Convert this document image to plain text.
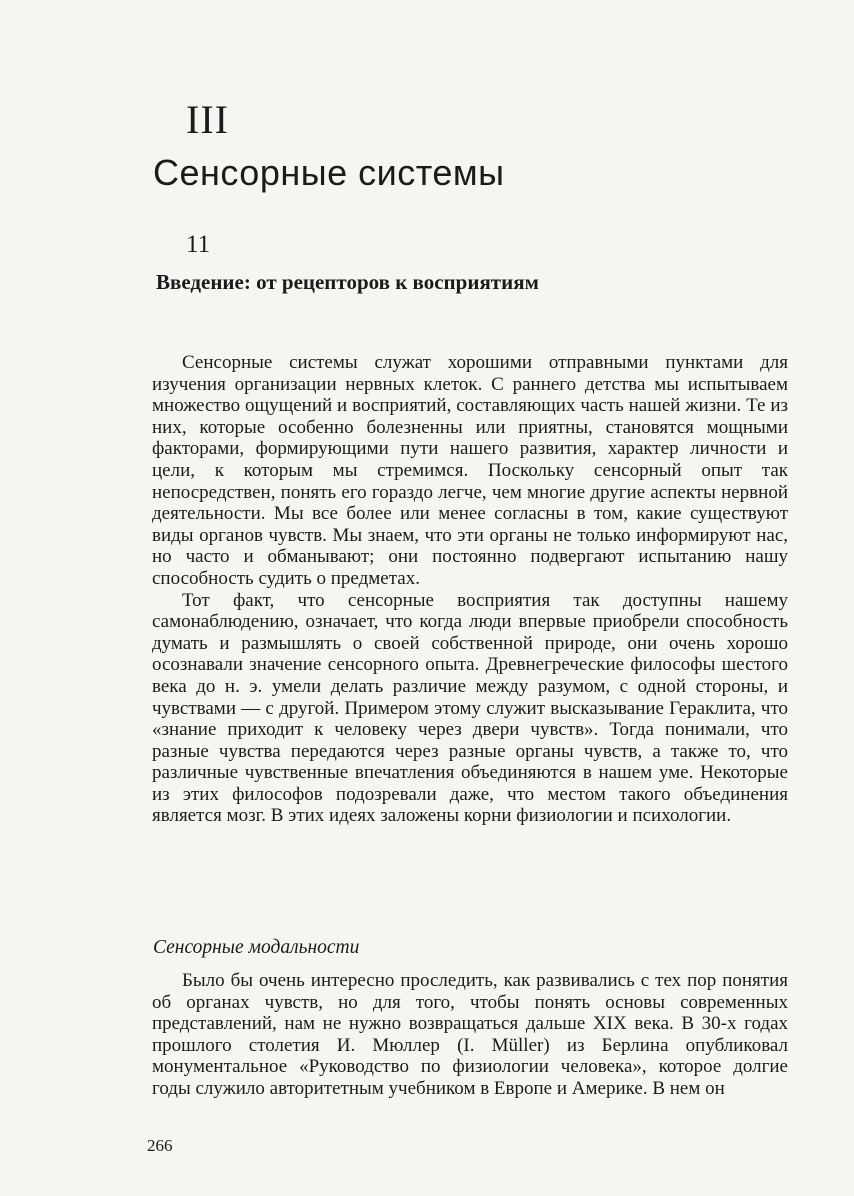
III
Сенсорные системы
11
Введение: от рецепторов к восприятиям

Сенсорные системы служат хорошими отправными пунктами для изучения организации нервных клеток. С раннего детства мы испытываем множество ощущений и восприятий, составляющих часть нашей жизни. Те из них, которые особенно болезненны или приятны, становятся мощными факторами, формирующими пути нашего развития, характер личности и цели, к которым мы стремимся. Поскольку сенсорный опыт так непосредствен, понять его гораздо легче, чем многие другие аспекты нервной деятельности. Мы все более или менее согласны в том, какие существуют виды органов чувств. Мы знаем, что эти органы не только информируют нас, но часто и обманывают; они постоянно подвергают испытанию нашу способность судить о предметах.

Тот факт, что сенсорные восприятия так доступны нашему самонаблюдению, означает, что когда люди впервые приобрели способность думать и размышлять о своей собственной природе, они очень хорошо осознавали значение сенсорного опыта. Древнегреческие философы шестого века до н. э. умели делать различие между разумом, с одной стороны, и чувствами — с другой. Примером этому служит высказывание Гераклита, что «знание приходит к человеку через двери чувств». Тогда понимали, что разные чувства передаются через разные органы чувств, а также то, что различные чувственные впечатления объединяются в нашем уме. Некоторые из этих философов подозревали даже, что местом такого объединения является мозг. В этих идеях заложены корни физиологии и психологии.

Сенсорные модальности

Было бы очень интересно проследить, как развивались с тех пор понятия об органах чувств, но для того, чтобы понять основы современных представлений, нам не нужно возвращаться дальше XIX века. В 30-х годах прошлого столетия И. Мюллер (I. Müller) из Берлина опубликовал монументальное «Руководство по физиологии человека», которое долгие годы служило авторитетным учебником в Европе и Америке. В нем он

266
